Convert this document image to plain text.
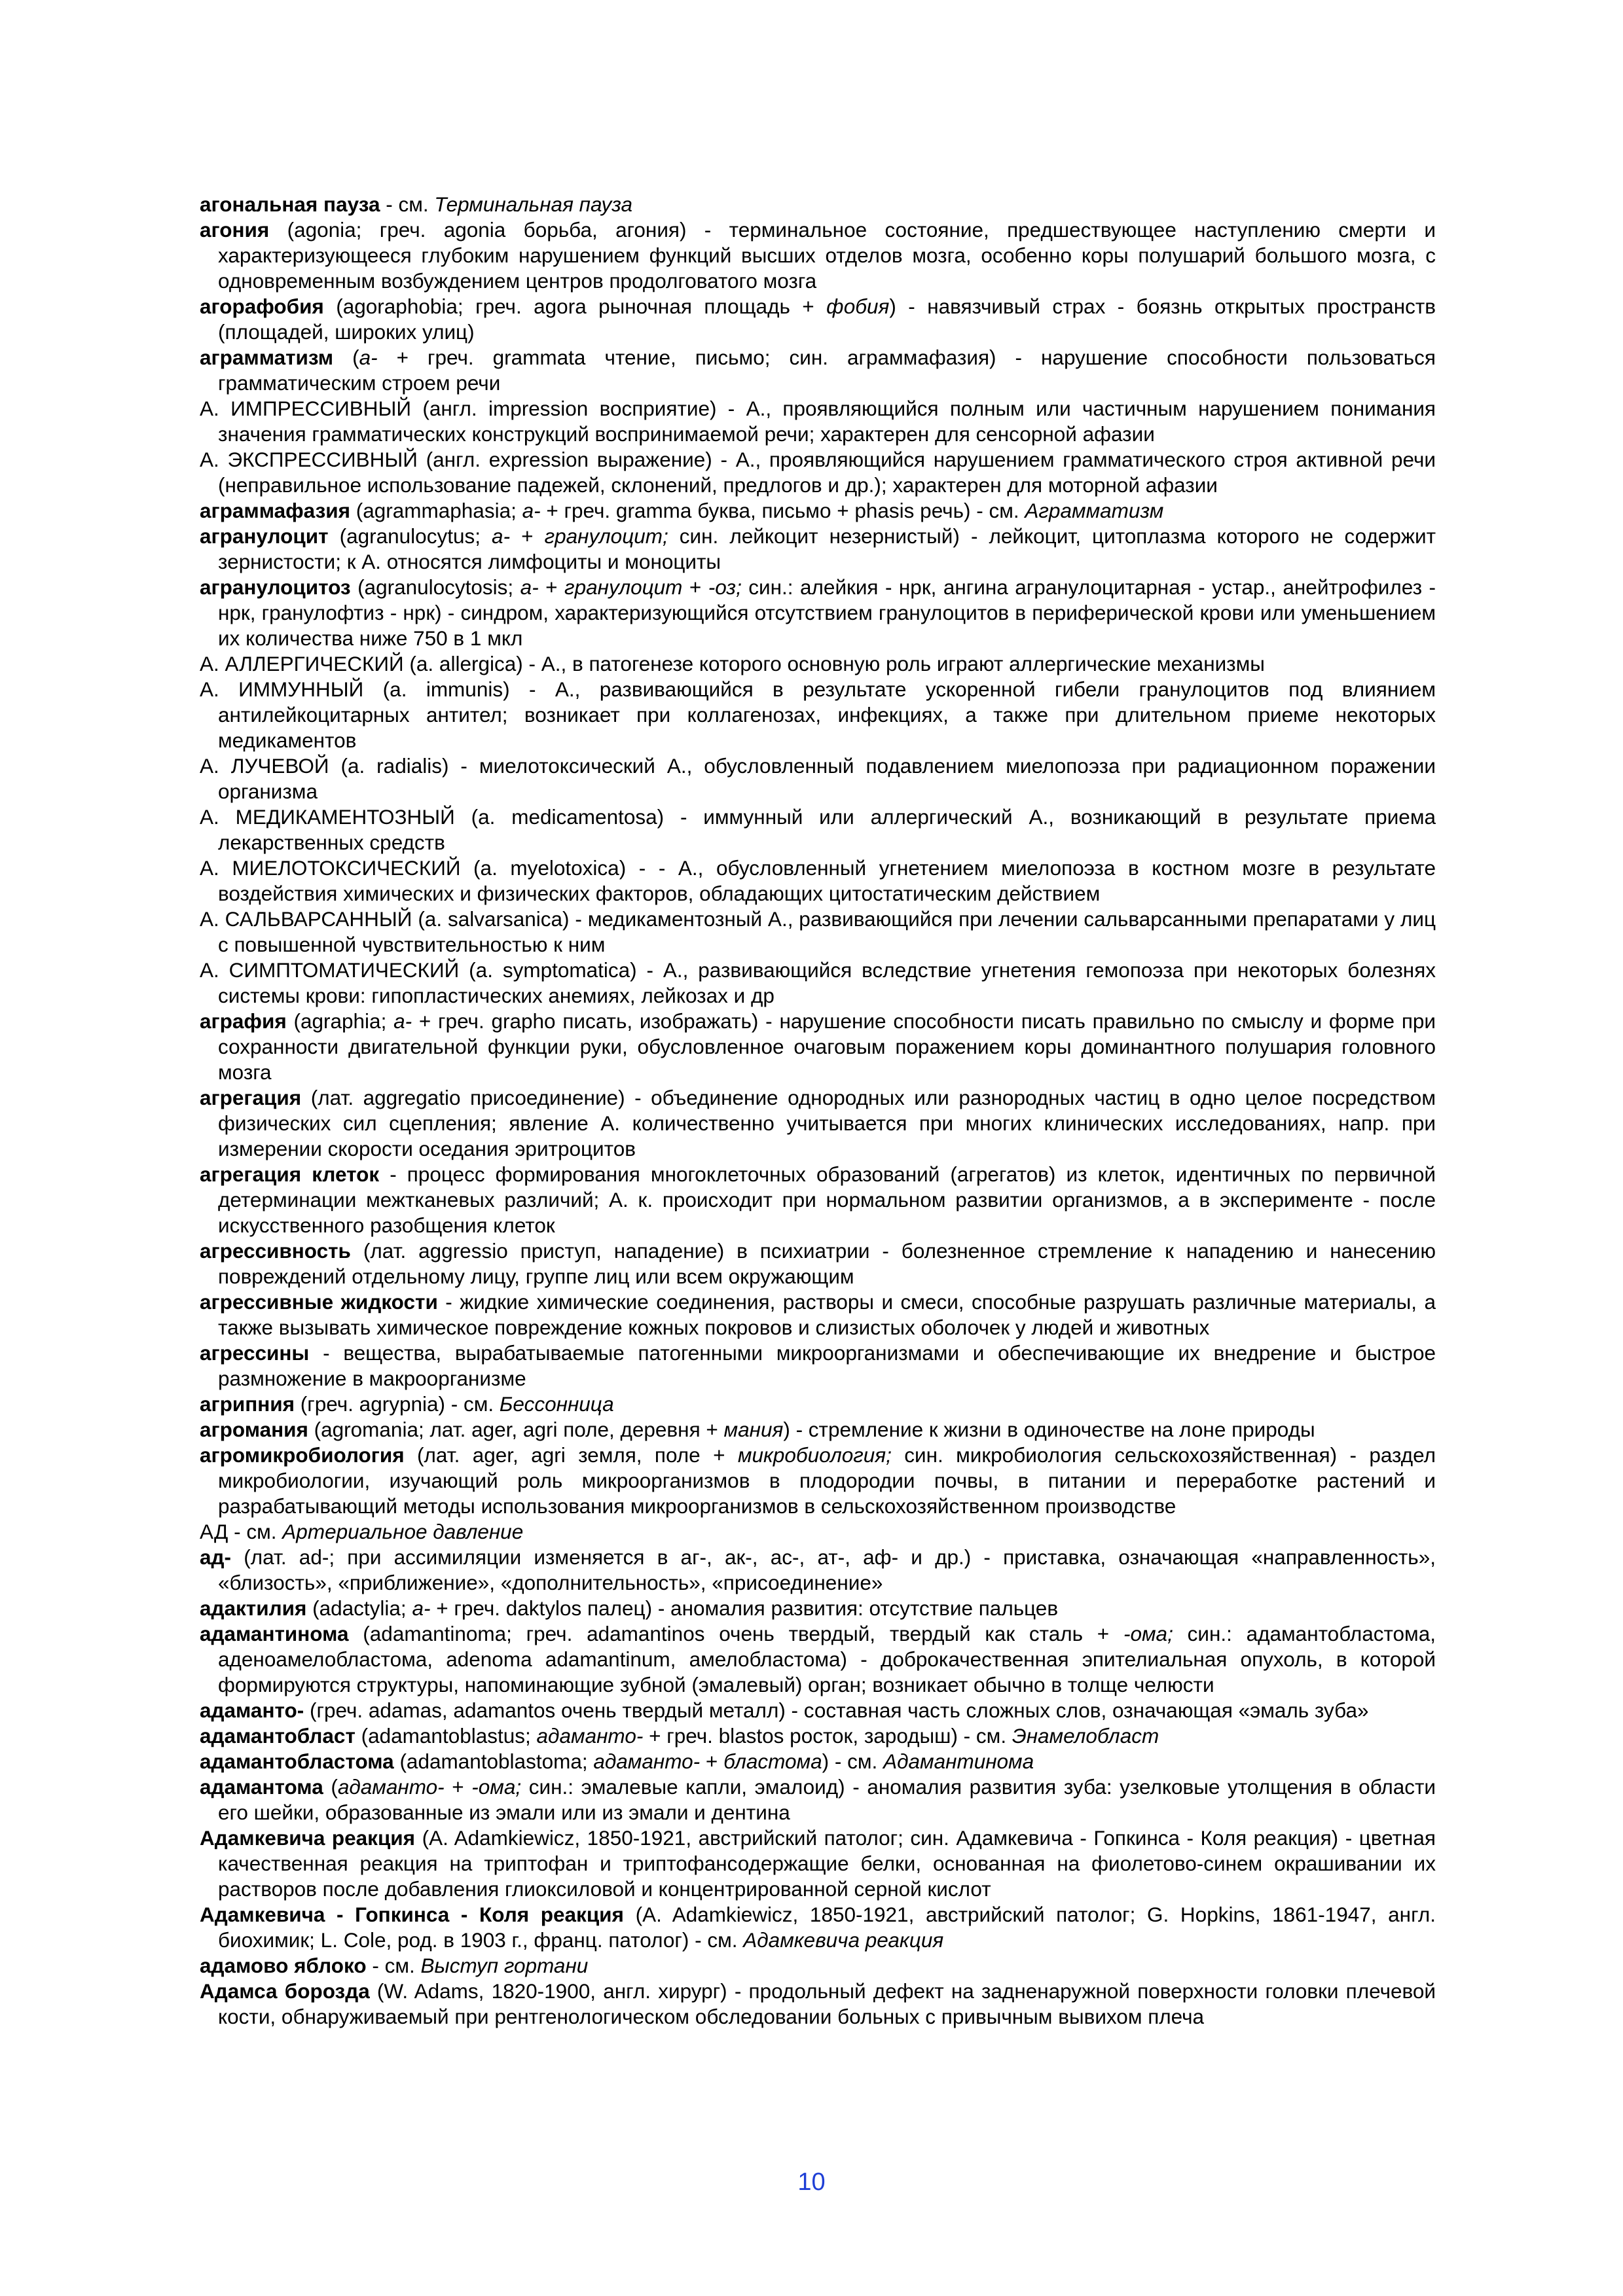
агональная пауза - см. Терминальная пауза

агония (agonia; греч. agonia борьба, агония) - терминальное состояние, предшествующее наступлению смерти и характеризующееся глубоким нарушением функций высших отделов мозга, особенно коры полушарий большого мозга, с одновременным возбуждением центров продолговатого мозга

агорафобия (agoraphobia; греч. agora рыночная площадь + фобия) - навязчивый страх - боязнь открытых пространств (площадей, широких улиц)

аграмматизм (а- + греч. grammata чтение, письмо; син. аграммафазия) - нарушение способности пользоваться грамматическим строем речи

А. ИМПРЕССИВНЫЙ (англ. impression восприятие) - А., проявляющийся полным или частичным нарушением понимания значения грамматических конструкций воспринимаемой речи; характерен для сенсорной афазии

А. ЭКСПРЕССИВНЫЙ (англ. expression выражение) - А., проявляющийся нарушением грамматического строя активной речи (неправильное использование падежей, склонений, предлогов и др.); характерен для моторной афазии

аграммафазия (agrammaphasia; а- + греч. gramma буква, письмо + phasis речь) - см. Аграмматизм

агранулоцит (agranulocytus; а- + гранулоцит; син. лейкоцит незернистый) - лейкоцит, цитоплазма которого не содержит зернистости; к А. относятся лимфоциты и моноциты

агранулоцитоз (agranulocytosis; а- + гранулоцит + -оз; син.: алейкия - нрк, ангина агранулоцитарная - устар., анейтрофилез - нрк, гранулофтиз - нрк) - синдром, характеризующийся отсутствием гранулоцитов в периферической крови или уменьшением их количества ниже 750 в 1 мкл

А. АЛЛЕРГИЧЕСКИЙ (a. allergica) - А., в патогенезе которого основную роль играют аллергические механизмы

А. ИММУННЫЙ (a. immunis) - А., развивающийся в результате ускоренной гибели гранулоцитов под влиянием антилейкоцитарных антител; возникает при коллагенозах, инфекциях, а также при длительном приеме некоторых медикаментов

А. ЛУЧЕВОЙ (a. radialis) - миелотоксический А., обусловленный подавлением миелопоэза при радиационном поражении организма

А. МЕДИКАМЕНТОЗНЫЙ (a. medicamentosa) - иммунный или аллергический А., возникающий в результате приема лекарственных средств

А. МИЕЛОТОКСИЧЕСКИЙ (a. myelotoxica) - - А., обусловленный угнетением миелопоэза в костном мозге в результате воздействия химических и физических факторов, обладающих цитостатическим действием

А. САЛЬВАРСАННЫЙ (a. salvarsanica) - медикаментозный А., развивающийся при лечении сальварсанными препаратами у лиц с повышенной чувствительностью к ним

А. СИМПТОМАТИЧЕСКИЙ (a. symptomatica) - А., развивающийся вследствие угнетения гемопоэза при некоторых болезнях системы крови: гипопластических анемиях, лейкозах и др

аграфия (agraphia; а- + греч. grapho писать, изображать) - нарушение способности писать правильно по смыслу и форме при сохранности двигательной функции руки, обусловленное очаговым поражением коры доминантного полушария головного мозга

агрегация (лат. aggregatio присоединение) - объединение однородных или разнородных частиц в одно целое посредством физических сил сцепления; явление А. количественно учитывается при многих клинических исследованиях, напр. при измерении скорости оседания эритроцитов

агрегация клеток - процесс формирования многоклеточных образований (агрегатов) из клеток, идентичных по первичной детерминации межтканевых различий; А. к. происходит при нормальном развитии организмов, а в эксперименте - после искусственного разобщения клеток

агрессивность (лат. aggressio приступ, нападение) в психиатрии - болезненное стремление к нападению и нанесению повреждений отдельному лицу, группе лиц или всем окружающим

агрессивные жидкости - жидкие химические соединения, растворы и смеси, способные разрушать различные материалы, а также вызывать химическое повреждение кожных покровов и слизистых оболочек у людей и животных

агрессины - вещества, вырабатываемые патогенными микроорганизмами и обеспечивающие их внедрение и быстрое размножение в макроорганизме

агрипния (греч. agrypnia) - см. Бессонница

агромания (agromania; лат. ager, agri поле, деревня + мания) - стремление к жизни в одиночестве на лоне природы

агромикробиология (лат. ager, agri земля, поле + микробиология; син. микробиология сельскохозяйственная) - раздел микробиологии, изучающий роль микроорганизмов в плодородии почвы, в питании и переработке растений и разрабатывающий методы использования микроорганизмов в сельскохозяйственном производстве

АД - см. Артериальное давление

ад- (лат. ad-; при ассимиляции изменяется в аг-, ак-, ас-, ат-, аф- и др.) - приставка, означающая «направленность», «близость», «приближение», «дополнительность», «присоединение»

адактилия (adactylia; а- + греч. daktylos палец) - аномалия развития: отсутствие пальцев

адамантинома (adamantinoma; греч. adamantinos очень твердый, твердый как сталь + -ома; син.: адамантобластома, аденоамелобластома, adenoma adamantinum, амелобластома) - доброкачественная эпителиальная опухоль, в которой формируются структуры, напоминающие зубной (эмалевый) орган; возникает обычно в толще челюсти

адаманто- (греч. adamas, adamantos очень твердый металл) - составная часть сложных слов, означающая «эмаль зуба»

адамантобласт (adamantoblastus; адаманто- + греч. blastos росток, зародыш) - см. Энамелобласт

адамантобластома (adamantoblastoma; адаманто- + бластома) - см. Адамантинома

адамантома (адаманто- + -ома; син.: эмалевые капли, эмалоид) - аномалия развития зуба: узелковые утолщения в области его шейки, образованные из эмали или из эмали и дентина

Адамкевича реакция (A. Adamkiewicz, 1850-1921, австрийский патолог; син. Адамкевича - Гопкинса - Коля реакция) - цветная качественная реакция на триптофан и триптофансодержащие белки, основанная на фиолетово-синем окрашивании их растворов после добавления глиоксиловой и концентрированной серной кислот

Адамкевича - Гопкинса - Коля реакция (A. Adamkiewicz, 1850-1921, австрийский патолог; G. Hopkins, 1861-1947, англ. биохимик; L. Cole, род. в 1903 г., франц. патолог) - см. Адамкевича реакция

адамово яблоко - см. Выступ гортани

Адамса борозда (W. Adams, 1820-1900, англ. хирург) - продольный дефект на задненаружной поверхности головки плечевой кости, обнаруживаемый при рентгенологическом обследовании больных с привычным вывихом плеча

10
